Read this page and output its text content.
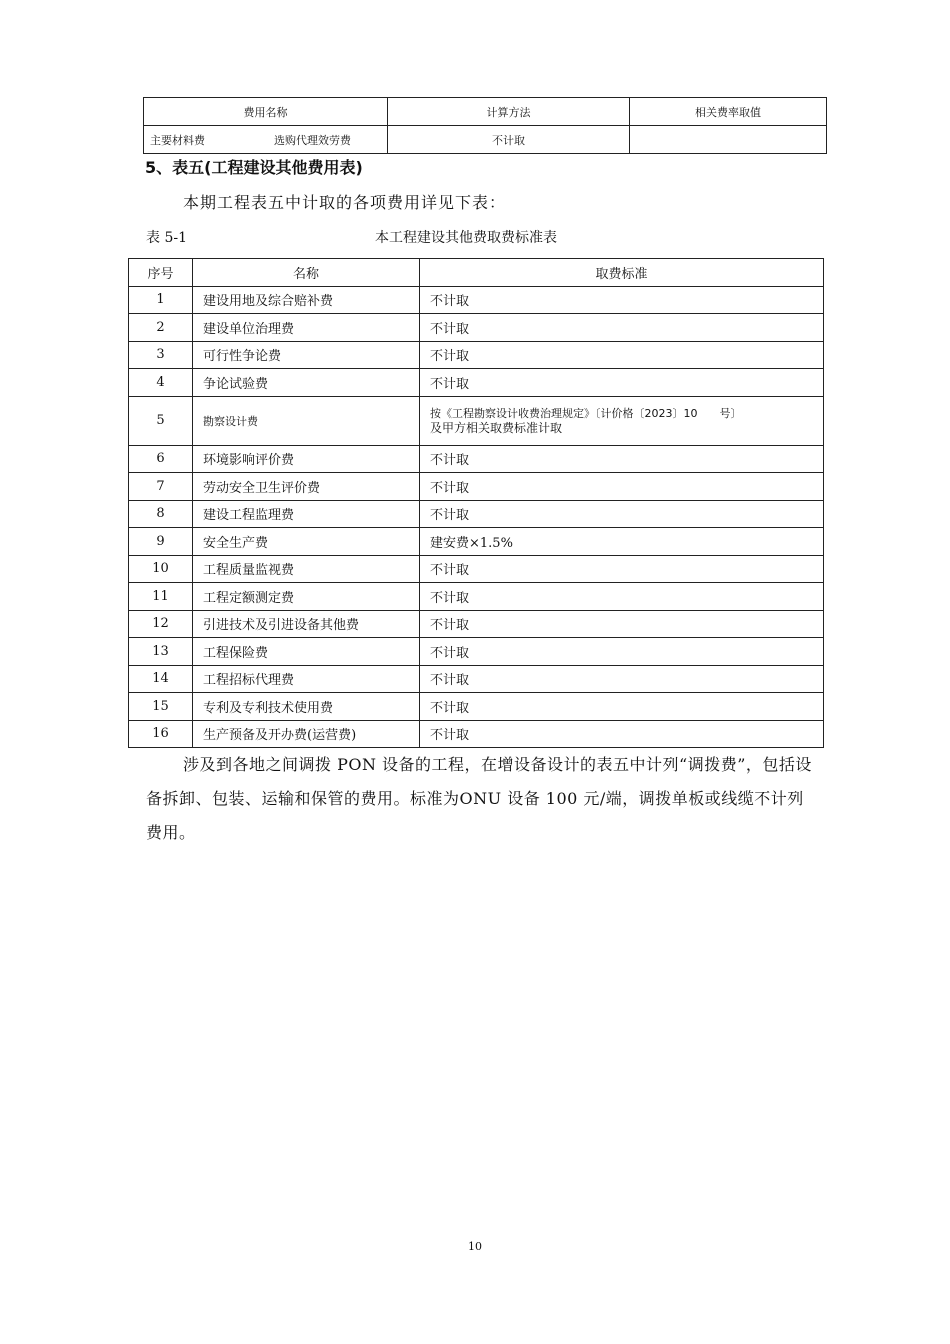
费用名称	计算方法	相关费率取值

主要材料费 选购代理效劳费	不计取	
5、表五(工程建设其他费用表)
本期工程表五中计取的各项费用详见下表：
表 5-1	本工程建设其他费取费标准表
序号	名称	取费标准
1	建设用地及综合赔补费	不计取
2	建设单位治理费	不计取
3	可行性争论费	不计取
4	争论试验费	不计取
5	勘察设计费	按《工程勘察设计收费治理规定》〔计价格〔2023〕10　　号〕
及甲方相关取费标准计取

6	环境影响评价费	不计取
7	劳动安全卫生评价费	不计取
8	建设工程监理费	不计取
9	安全生产费	建安费×1.5%
10	工程质量监视费	不计取
11	工程定额测定费	不计取
12	引进技术及引进设备其他费	不计取
13	工程保险费	不计取
14	工程招标代理费	不计取
15	专利及专利技术使用费	不计取
16	生产预备及开办费(运营费)	不计取
涉及到各地之间调拨 PON 设备的工程，在增设备设计的表五中计列“调拨费”，包括设备拆卸、包装、运输和保管的费用。标准为ONU 设备 100 元/端，调拨单板或线缆不计列费用。
10
